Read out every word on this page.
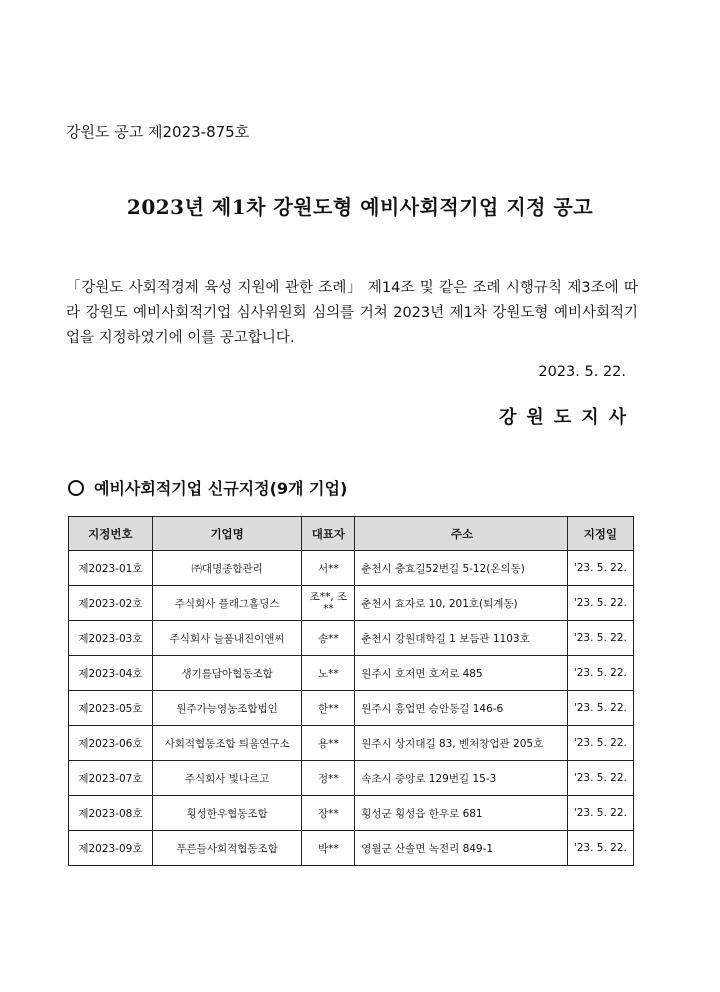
강원도 공고 제2023-875호
2023년 제1차 강원도형 예비사회적기업 지정 공고

「강원도 사회적경제 육성 지원에 관한 조례」 제14조 및 같은 조례 시행규칙 제3조에 따라 강원도 예비사회적기업 심사위원회 심의를 거쳐 2023년 제1차 강원도형 예비사회적기업을 지정하였기에 이를 공고합니다.

2023. 5. 22.
강원도지사
예비사회적기업 신규지정(9개 기업)
지정번호	기업명	대표자	주소	지정일
제2023-01호	㈜대명종합관리	서**	춘천시 충효길52번길 5-12(온의동)	'23. 5. 22.
제2023-02호	주식회사 플래그홀딩스	조**, 조**	춘천시 효자로 10, 201호(퇴계동)	'23. 5. 22.
제2023-03호	주식회사 늘품내진이앤씨	송**	춘천시 강원대학길 1 보듬관 1103호	'23. 5. 22.
제2023-04호	생기를담아협동조합	노**	원주시 호저면 호저로 485	'23. 5. 22.
제2023-05호	원주가능영농조합법인	한**	원주시 흥업면 승안동길 146-6	'23. 5. 22.
제2023-06호	사회적협동조합 틔움연구소	용**	원주시 상지대길 83, 벤처창업관 205호	'23. 5. 22.
제2023-07호	주식회사 빛나르고	정**	속초시 중앙로 129번길 15-3	'23. 5. 22.
제2023-08호	횡성한우협동조합	장**	횡성군 횡성읍 한우로 681	'23. 5. 22.
제2023-09호	푸른들사회적협동조합	박**	영월군 산솔면 녹전리 849-1	'23. 5. 22.
